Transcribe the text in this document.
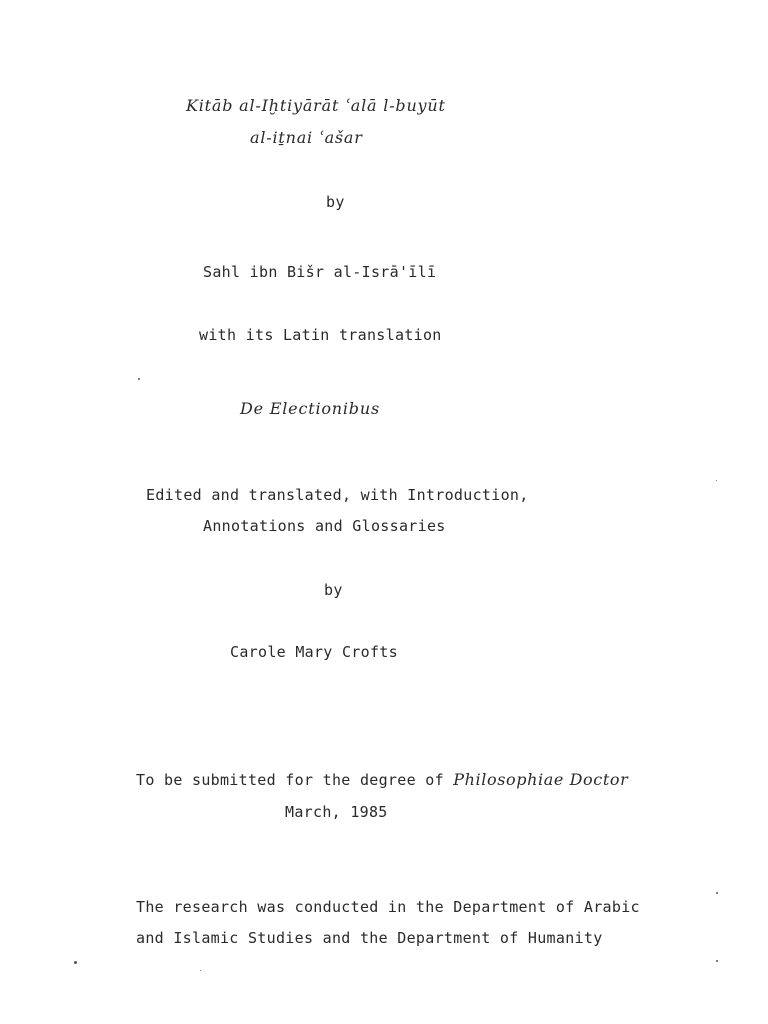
Kitāb al-Iḫtiyārāt ʿalā l-buyūt
al-iṯnai ʿašar
by
Sahl ibn Bišr al-Isrā'īlī
with its Latin translation
De Electionibus
Edited and translated, with Introduction,
Annotations and Glossaries
by
Carole Mary Crofts
To be submitted for the degree of Philosophiae Doctor
March, 1985
The research was conducted in the Department of Arabic
and Islamic Studies and the Department of Humanity
